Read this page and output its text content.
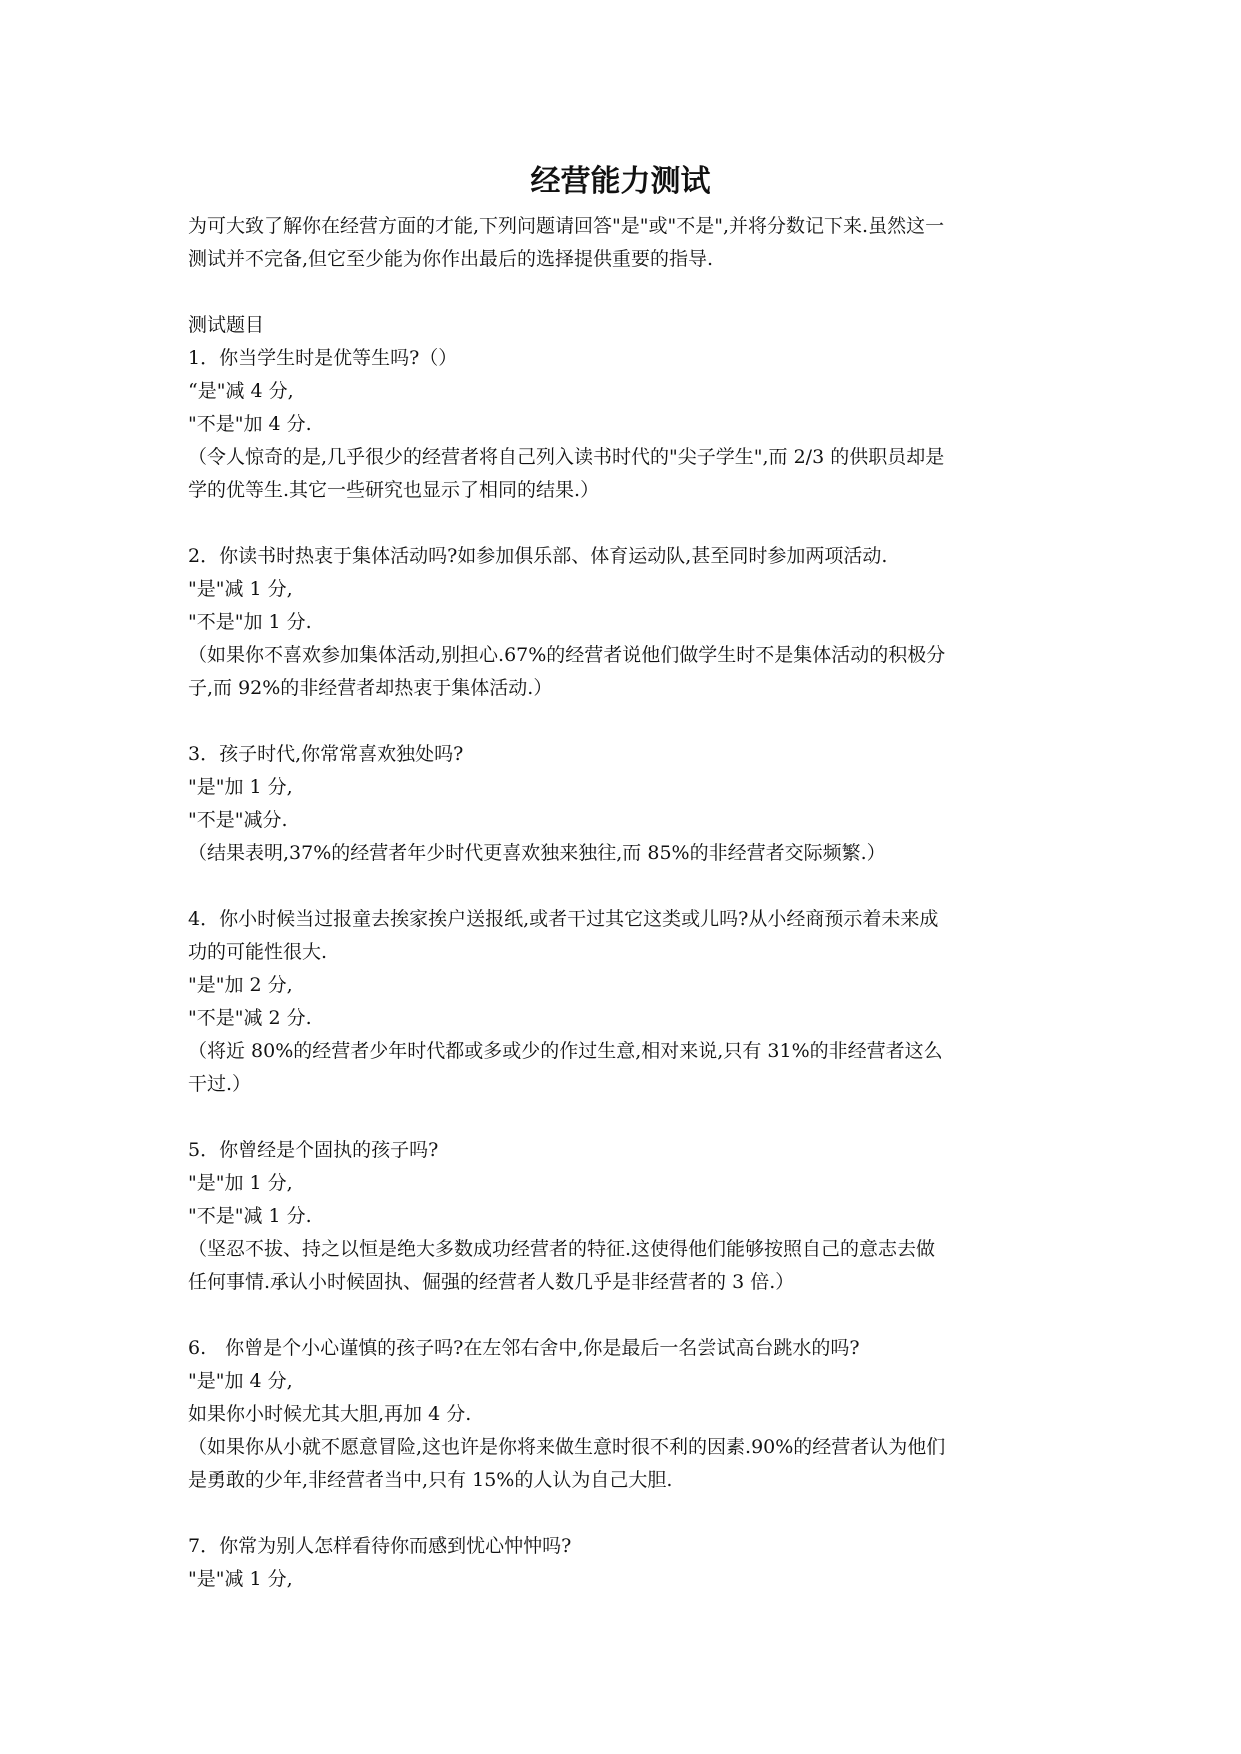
经营能力测试
为可大致了解你在经营方面的才能,下列问题请回答"是"或"不是",并将分数记下来.虽然这一
测试并不完备,但它至少能为你作出最后的选择提供重要的指导.
测试题目
1．你当学生时是优等生吗?（）
“是"减 4 分,
"不是"加 4 分.
（令人惊奇的是,几乎很少的经营者将自己列入读书时代的"尖子学生",而 2/3 的供职员却是
学的优等生.其它一些研究也显示了相同的结果.）
2．你读书时热衷于集体活动吗?如参加俱乐部、体育运动队,甚至同时参加两项活动.
"是"减 1 分,
"不是"加 1 分.
（如果你不喜欢参加集体活动,别担心.67%的经营者说他们做学生时不是集体活动的积极分
子,而 92%的非经营者却热衷于集体活动.）
3．孩子时代,你常常喜欢独处吗?
"是"加 1 分,
"不是"减分.
（结果表明,37%的经营者年少时代更喜欢独来独往,而 85%的非经营者交际频繁.）
4．你小时候当过报童去挨家挨户送报纸,或者干过其它这类或儿吗?从小经商预示着未来成
功的可能性很大.
"是"加 2 分,
"不是"减 2 分.
（将近 80%的经营者少年时代都或多或少的作过生意,相对来说,只有 31%的非经营者这么
干过.）
5．你曾经是个固执的孩子吗?
"是"加 1 分,
"不是"减 1 分.
（坚忍不拔、持之以恒是绝大多数成功经营者的特征.这使得他们能够按照自己的意志去做
任何事情.承认小时候固执、倔强的经营者人数几乎是非经营者的 3 倍.）
6.　你曾是个小心谨慎的孩子吗?在左邻右舍中,你是最后一名尝试高台跳水的吗?
"是"加 4 分,
如果你小时候尤其大胆,再加 4 分.
（如果你从小就不愿意冒险,这也许是你将来做生意时很不利的因素.90%的经营者认为他们
是勇敢的少年,非经营者当中,只有 15%的人认为自己大胆.
7．你常为别人怎样看待你而感到忧心忡忡吗?
"是"减 1 分,
